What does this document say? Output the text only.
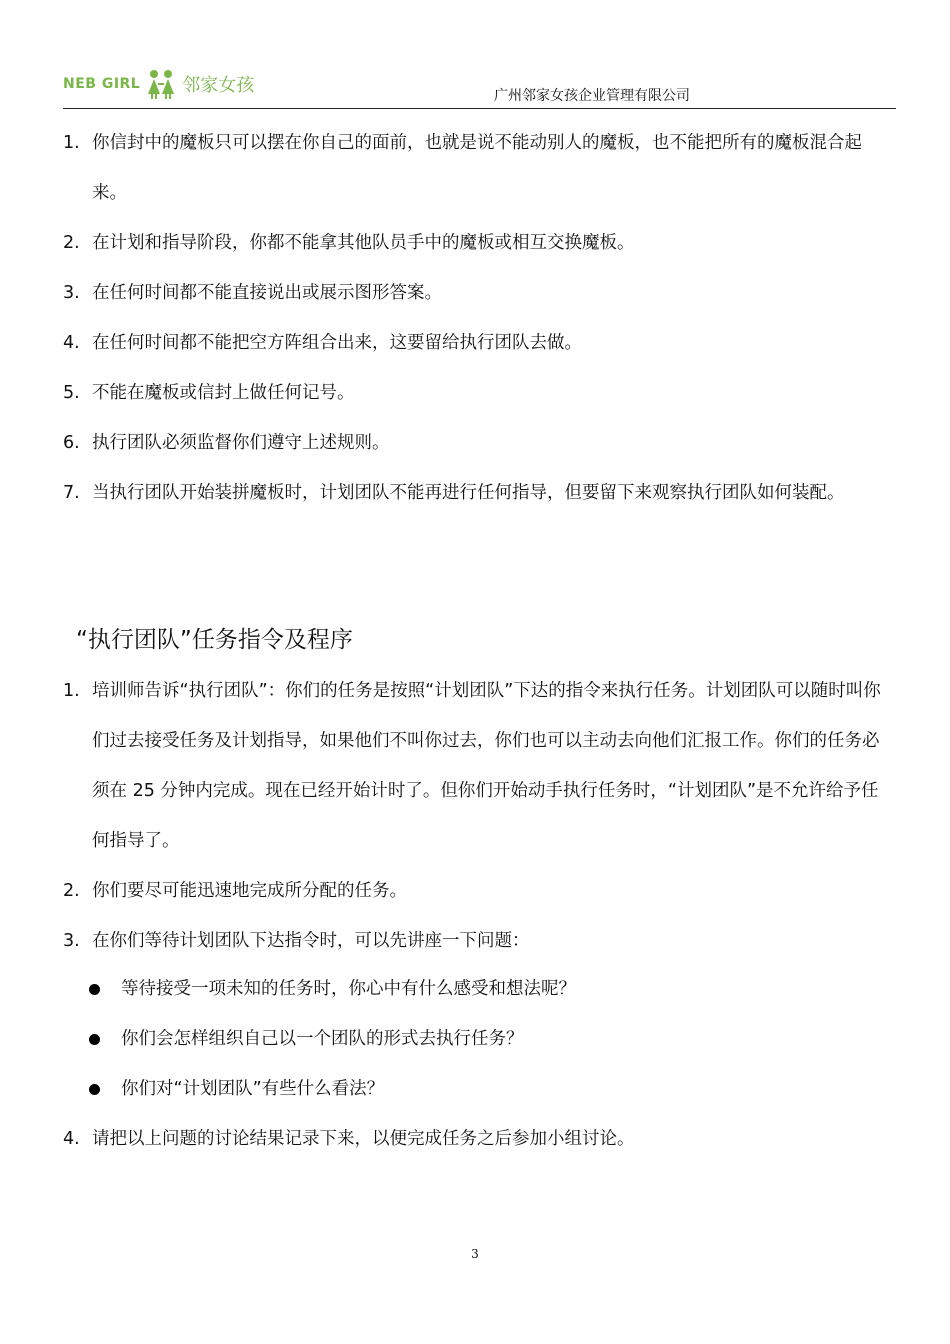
NEB GIRL 邻家女孩	广州邻家女孩企业管理有限公司
1. 你信封中的魔板只可以摆在你自己的面前，也就是说不能动别人的魔板，也不能把所有的魔板混合起来。
2. 在计划和指导阶段，你都不能拿其他队员手中的魔板或相互交换魔板。
3. 在任何时间都不能直接说出或展示图形答案。
4. 在任何时间都不能把空方阵组合出来，这要留给执行团队去做。
5. 不能在魔板或信封上做任何记号。
6. 执行团队必须监督你们遵守上述规则。
7. 当执行团队开始装拼魔板时，计划团队不能再进行任何指导，但要留下来观察执行团队如何装配。
“执行团队”任务指令及程序
1. 培训师告诉“执行团队”：你们的任务是按照“计划团队”下达的指令来执行任务。计划团队可以随时叫你们过去接受任务及计划指导，如果他们不叫你过去，你们也可以主动去向他们汇报工作。你们的任务必须在 25 分钟内完成。现在已经开始计时了。但你们开始动手执行任务时，“计划团队”是不允许给予任何指导了。
2. 你们要尽可能迅速地完成所分配的任务。
3. 在你们等待计划团队下达指令时，可以先讲座一下问题：
等待接受一项未知的任务时，你心中有什么感受和想法呢？
你们会怎样组织自己以一个团队的形式去执行任务？
你们对“计划团队”有些什么看法？
4. 请把以上问题的讨论结果记录下来，以便完成任务之后参加小组讨论。
3
